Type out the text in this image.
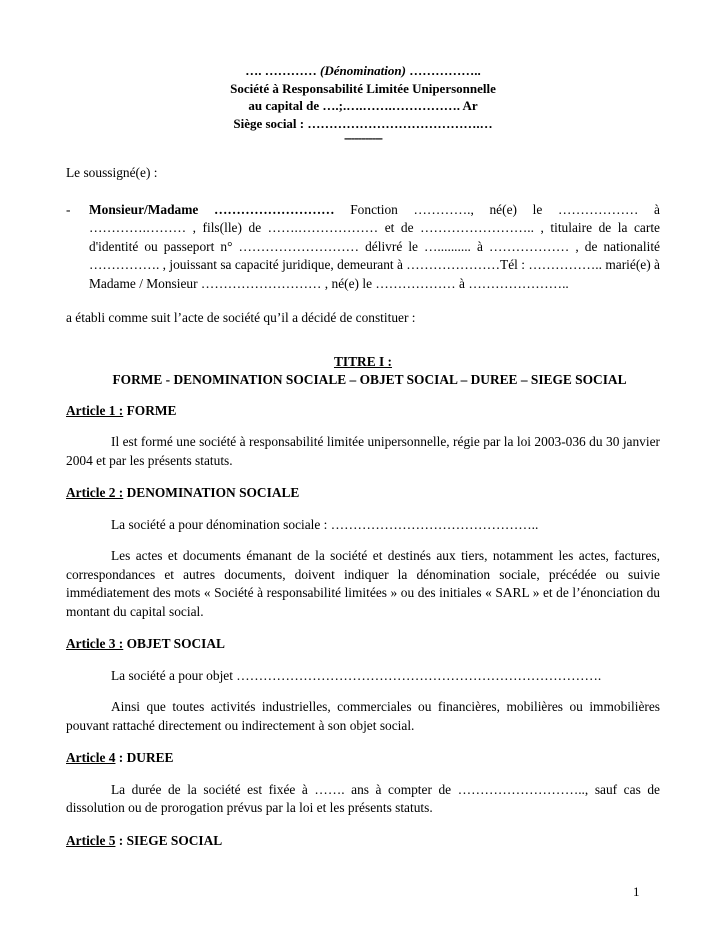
…. ………… (Dénomination) ……………..
Société à Responsabilité Limitée Unipersonnelle
au capital de ….;.….…….……………. Ar
Siège social : ………………………………….…
-----------

Le soussigné(e) :

- Monsieur/Madame ……………………… Fonction …………., né(e) le ……………… à ………….……… , fils(lle) de …….……………… et de …………………….. , titulaire de la carte d'identité ou passeport n° ……………………… délivré le ….......... à ……………… , de nationalité ……………. , jouissant sa capacité juridique, demeurant à …………………Tél : …………….. marié(e) à Madame / Monsieur ……………………… , né(e) le ……………… à …………………..

a établi comme suit l’acte de société qu’il a décidé de constituer :

TITRE I :
FORME - DENOMINATION SOCIALE – OBJET SOCIAL – DUREE – SIEGE SOCIAL
Article 1 : FORME

Il est formé une société à responsabilité limitée unipersonnelle, régie par la loi 2003-036 du 30 janvier 2004 et par les présents statuts.

Article 2 : DENOMINATION SOCIALE

La société a pour dénomination sociale : ………………………………………..

Les actes et documents émanant de la société et destinés aux tiers, notamment les actes, factures, correspondances et autres documents, doivent indiquer la dénomination sociale, précédée ou suivie immédiatement des mots « Société à responsabilité limitées » ou des initiales « SARL » et de l’énonciation du montant du capital social.

Article 3 : OBJET SOCIAL

La société a pour objet ……………………………………………………………………….

Ainsi que toutes activités industrielles, commerciales ou financières, mobilières ou immobilières pouvant rattaché directement ou indirectement à son objet social.

Article 4 : DUREE

La durée de la société est fixée à ……. ans à compter de ……………………….., sauf cas de dissolution ou de prorogation prévus par la loi et les présents statuts.

Article 5 : SIEGE SOCIAL
1
